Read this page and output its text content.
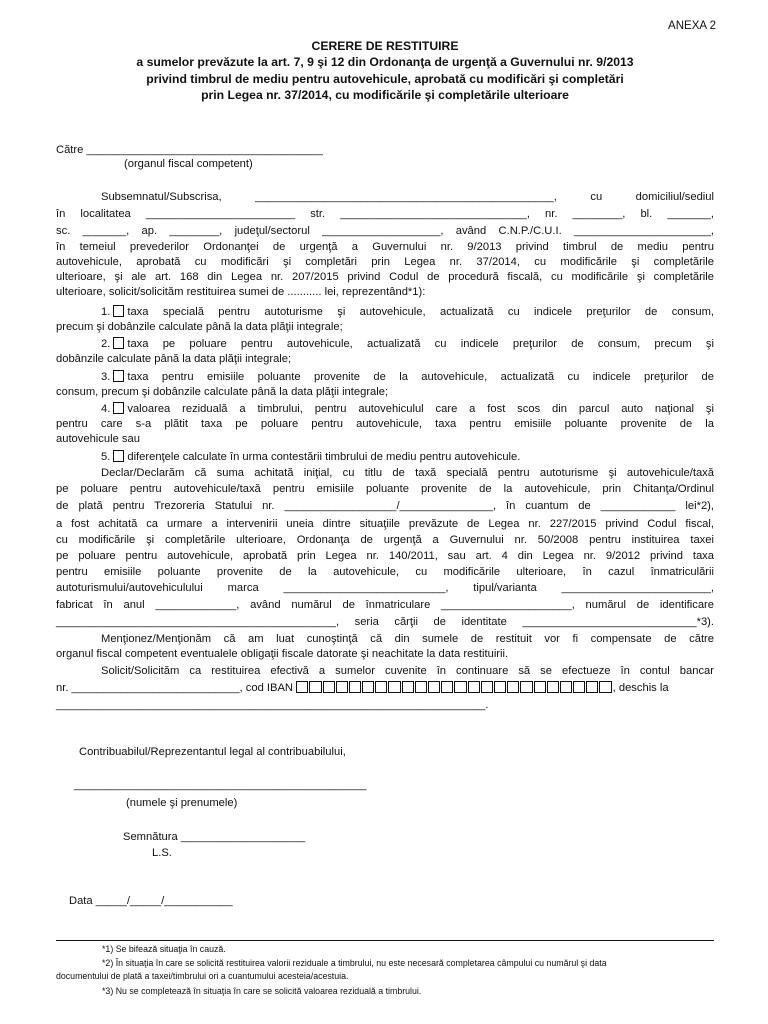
ANEXA 2
CERERE DE RESTITUIRE
a sumelor prevăzute la art. 7, 9 şi 12 din Ordonanţa de urgenţă a Guvernului nr. 9/2013
privind timbrul de mediu pentru autovehicule, aprobată cu modificări şi completări
prin Legea nr. 37/2014, cu modificările şi completările ulterioare
Către ______________________________________
(organul fiscal competent)
Subsemnatul/Subscrisa, ________________________________________________, cu domiciliul/sediul
în localitatea ________________________ str. ______________________________, nr. ________, bl. _______,
sc. _______, ap. ________, judeţul/sectorul ___________________, având C.N.P./C.U.I. ______________________,
în temeiul prevederilor Ordonanţei de urgenţă a Guvernului nr. 9/2013 privind timbrul de mediu pentru
autovehicule, aprobată cu modificări şi completări prin Legea nr. 37/2014, cu modificările şi completările
ulterioare, şi ale art. 168 din Legea nr. 207/2015 privind Codul de procedură fiscală, cu modificările şi completările
ulterioare, solicit/solicităm restituirea sumei de ........... lei, reprezentând*1):
1. taxa specială pentru autoturisme şi autovehicule, actualizată cu indicele preţurilor de consum,
precum şi dobânzile calculate până la data plăţii integrale;
2. taxa pe poluare pentru autovehicule, actualizată cu indicele preţurilor de consum, precum şi
dobânzile calculate până la data plăţii integrale;
3. taxa pentru emisiile poluante provenite de la autovehicule, actualizată cu indicele preţurilor de
consum, precum şi dobânzile calculate până la data plăţii integrale;
4. valoarea reziduală a timbrului, pentru autovehiculul care a fost scos din parcul auto naţional şi
pentru care s-a plătit taxa pe poluare pentru autovehicule, taxa pentru emisiile poluante provenite de la
autovehicule sau
5. diferenţele calculate în urma contestării timbrului de mediu pentru autovehicule.
Declar/Declarăm că suma achitată iniţial, cu titlu de taxă specială pentru autoturisme şi autovehicule/taxă
pe poluare pentru autovehicule/taxă pentru emisiile poluante provenite de la autovehicule, prin Chitanţa/Ordinul
de plată pentru Trezoreria Statului nr. __________________/_______________, în cuantum de ____________ lei*2),
a fost achitată ca urmare a intervenirii uneia dintre situaţiile prevăzute de Legea nr. 227/2015 privind Codul fiscal,
cu modificările şi completările ulterioare, Ordonanţa de urgenţă a Guvernului nr. 50/2008 pentru instituirea taxei
pe poluare pentru autovehicule, aprobată prin Legea nr. 140/2011, sau art. 4 din Legea nr. 9/2012 privind taxa
pentru emisiile poluante provenite de la autovehicule, cu modificările ulterioare, în cazul înmatriculării
autoturismului/autovehiculului marca __________________________, tipul/varianta ________________________,
fabricat în anul _____________, având numărul de înmatriculare _____________________, numărul de identificare
_____________________________________________, seria cărţii de identitate ____________________________*3).
Menţionez/Menţionăm că am luat cunoştinţă că din sumele de restituit vor fi compensate de către
organul fiscal competent eventualele obligaţii fiscale datorate şi neachitate la data restituirii.
Solicit/Solicităm ca restituirea efectivă a sumelor cuvenite în continuare să se efectueze în contul bancar
nr. ___________________________, cod IBAN	, deschis la
_____________________________________________________________________.
Contribuabilul/Reprezentantul legal al contribuabilului,
_______________________________________________
(numele şi prenumele)
Semnătura ____________________
L.S.
Data _____/_____/___________
*1) Se bifează situaţia în cauză.
*2) În situaţia în care se solicită restituirea valorii reziduale a timbrului, nu este necesară completarea câmpului cu numărul şi data
documentului de plată a taxei/timbrului ori a cuantumului acesteia/acestuia.
*3) Nu se completează în situaţia în care se solicită valoarea reziduală a timbrului.
